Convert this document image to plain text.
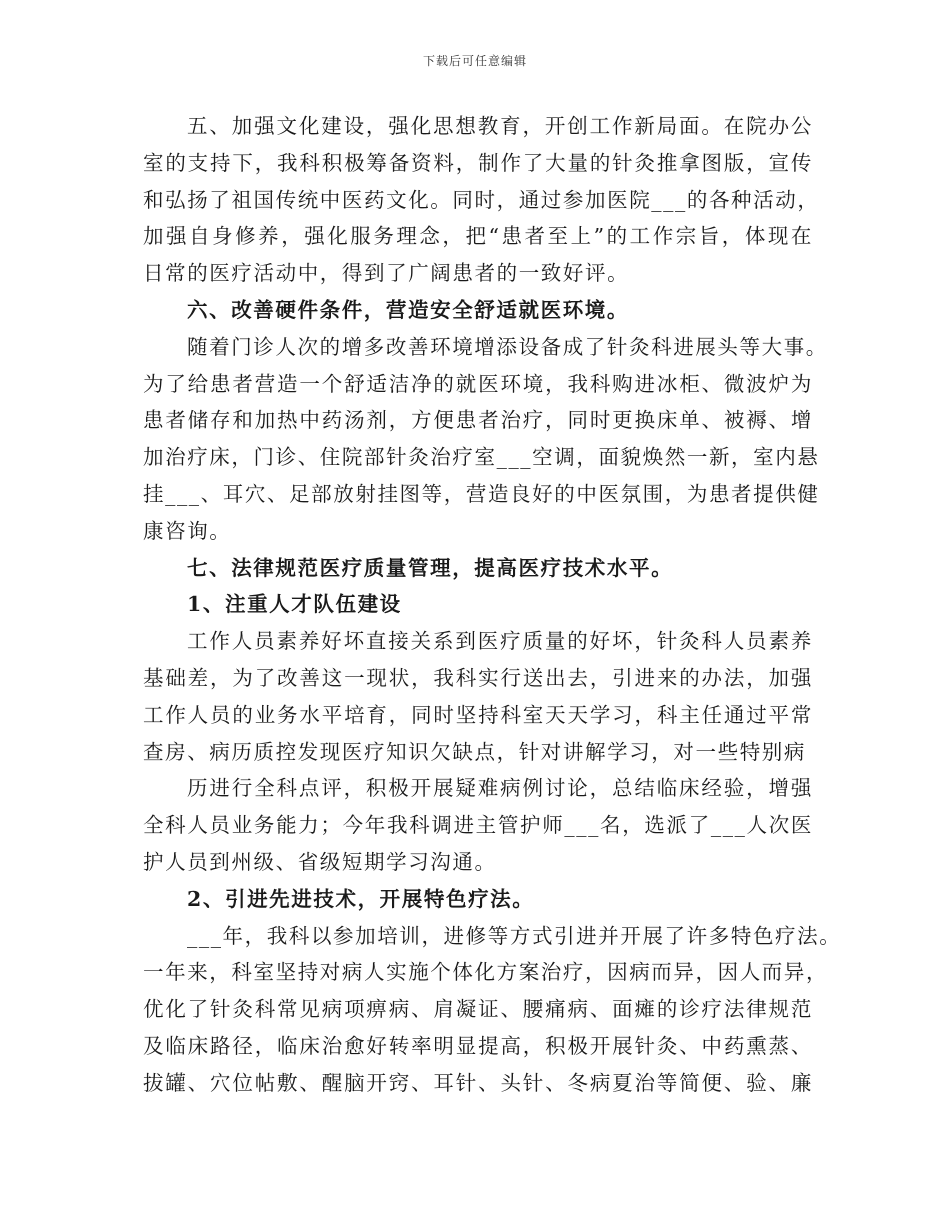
下载后可任意编辑
五、加强文化建设，强化思想教育，开创工作新局面。在院办公
室的支持下，我科积极筹备资料，制作了大量的针灸推拿图版，宣传
和弘扬了祖国传统中医药文化。同时，通过参加医院___的各种活动，
加强自身修养，强化服务理念，把“患者至上”的工作宗旨，体现在
日常的医疗活动中，得到了广阔患者的一致好评。
六、改善硬件条件，营造安全舒适就医环境。
随着门诊人次的增多改善环境增添设备成了针灸科进展头等大事。
为了给患者营造一个舒适洁净的就医环境，我科购进冰柜、微波炉为
患者储存和加热中药汤剂，方便患者治疗，同时更换床单、被褥、增
加治疗床，门诊、住院部针灸治疗室___空调，面貌焕然一新，室内悬
挂___、耳穴、足部放射挂图等，营造良好的中医氛围，为患者提供健
康咨询。
七、法律规范医疗质量管理，提高医疗技术水平。
1、注重人才队伍建设
工作人员素养好坏直接关系到医疗质量的好坏，针灸科人员素养
基础差，为了改善这一现状，我科实行送出去，引进来的办法，加强
工作人员的业务水平培育，同时坚持科室天天学习，科主任通过平常
查房、病历质控发现医疗知识欠缺点，针对讲解学习，对一些特别病
历进行全科点评，积极开展疑难病例讨论，总结临床经验，增强
全科人员业务能力；今年我科调进主管护师___名，选派了___人次医
护人员到州级、省级短期学习沟通。
2、引进先进技术，开展特色疗法。
___年，我科以参加培训，进修等方式引进并开展了许多特色疗法。
一年来，科室坚持对病人实施个体化方案治疗，因病而异，因人而异，
优化了针灸科常见病项痹病、肩凝证、腰痛病、面瘫的诊疗法律规范
及临床路径，临床治愈好转率明显提高，积极开展针灸、中药熏蒸、
拔罐、穴位帖敷、醒脑开窍、耳针、头针、冬病夏治等简便、验、廉
